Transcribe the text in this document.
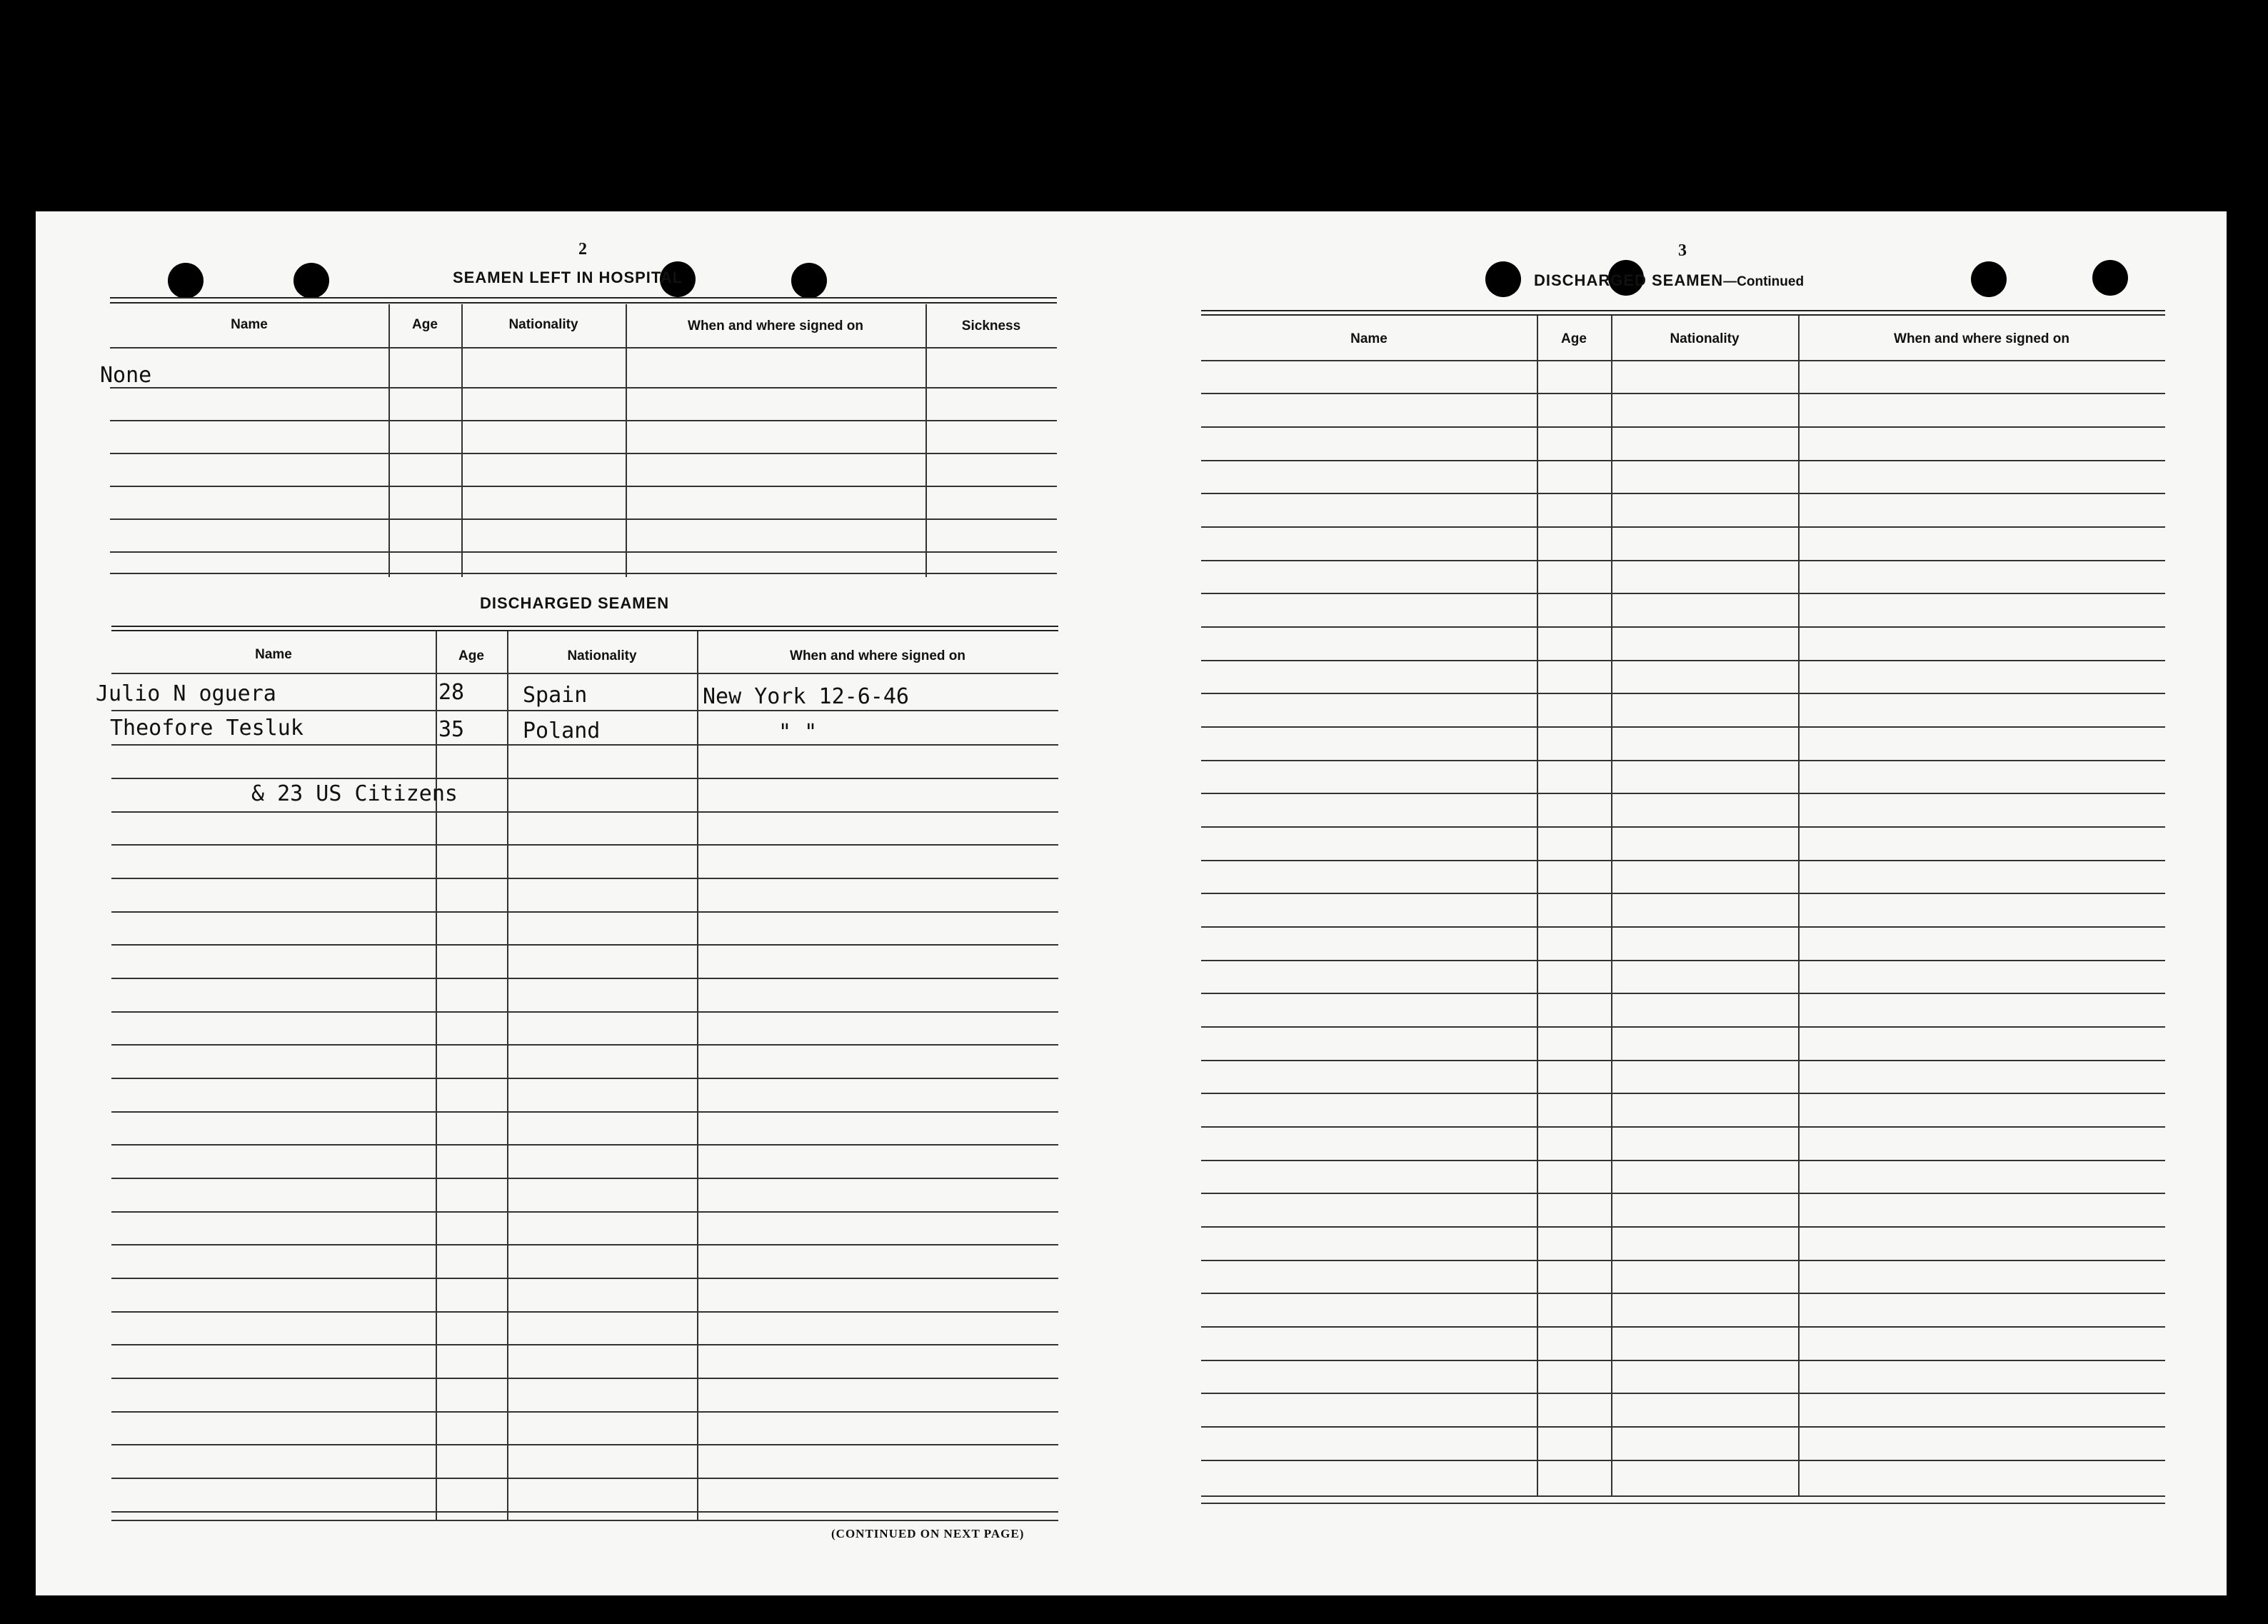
2
SEAMEN LEFT IN HOSPITAL
Name	Age	Nationality	When and where signed on	Sickness
None
DISCHARGED SEAMEN
Name	Age	Nationality	When and where signed on
Julio N oguera	28	Spain	New York 12-6-46
Theofore Tesluk	35	Poland	" "
& 23 US Citizens
(CONTINUED ON NEXT PAGE)
3
DISCHARGED SEAMEN—Continued
Name	Age	Nationality	When and where signed on
